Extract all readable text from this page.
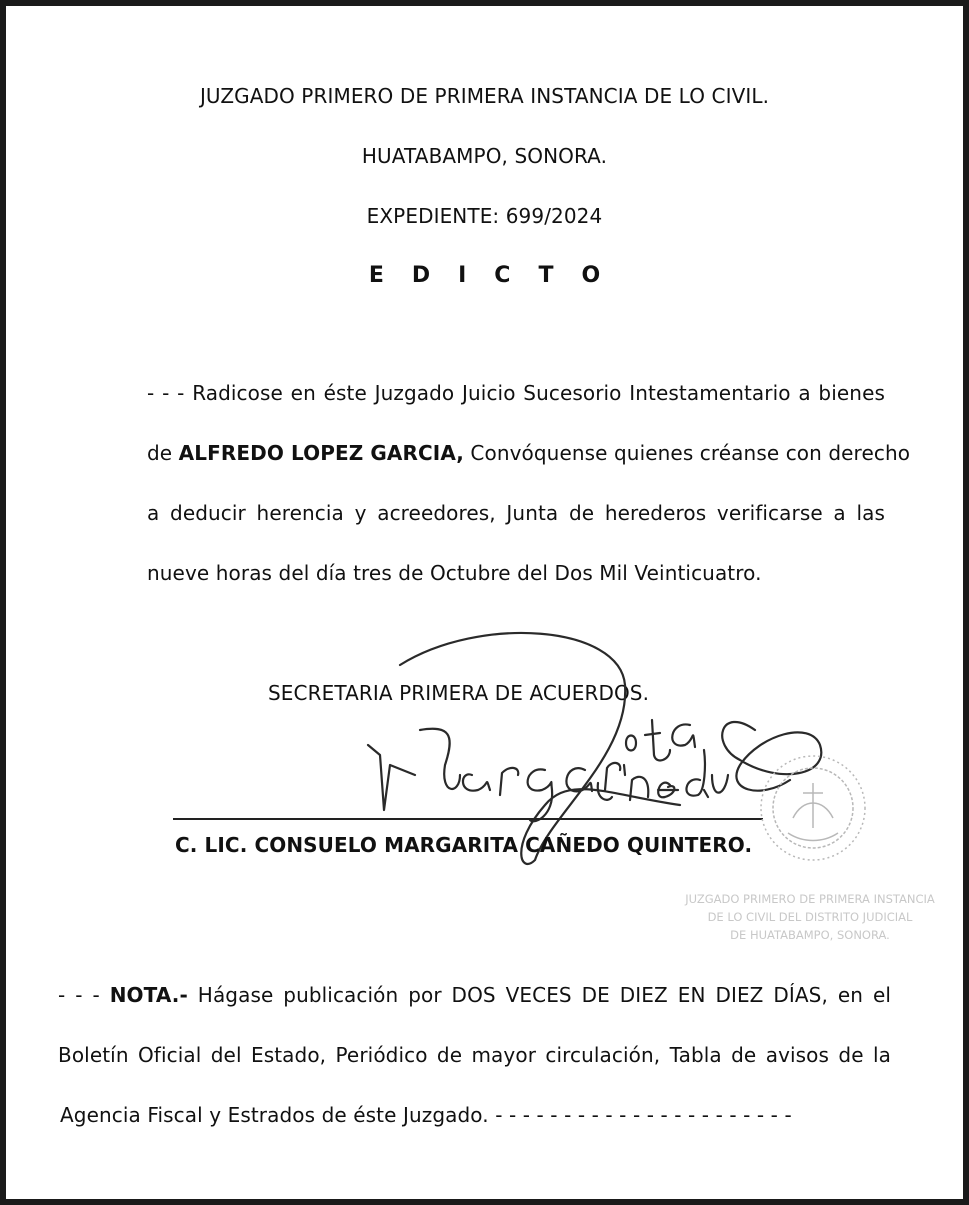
JUZGADO PRIMERO DE PRIMERA INSTANCIA DE LO CIVIL.
HUATABAMPO, SONORA.
EXPEDIENTE: 699/2024
EDICTO
- - - Radicose en éste Juzgado Juicio Sucesorio Intestamentario a bienes
de ALFREDO LOPEZ GARCIA, Convóquense quienes créanse con derecho
a deducir herencia y acreedores, Junta de herederos verificarse a las
nueve horas del día tres de Octubre del Dos Mil Veinticuatro.
SECRETARIA PRIMERA DE ACUERDOS.
C. LIC. CONSUELO MARGARITA CAÑEDO QUINTERO.
JUZGADO PRIMERO DE PRIMERA INSTANCIA
DE LO CIVIL DEL DISTRITO JUDICIAL
DE HUATABAMPO, SONORA.
- - - NOTA.- Hágase publicación por DOS VECES DE DIEZ EN DIEZ DÍAS, en el
Boletín Oficial del Estado, Periódico de mayor circulación, Tabla de avisos de la
Agencia Fiscal y Estrados de éste Juzgado. - - - - - - - - - - - - - - - - - - - - - -
